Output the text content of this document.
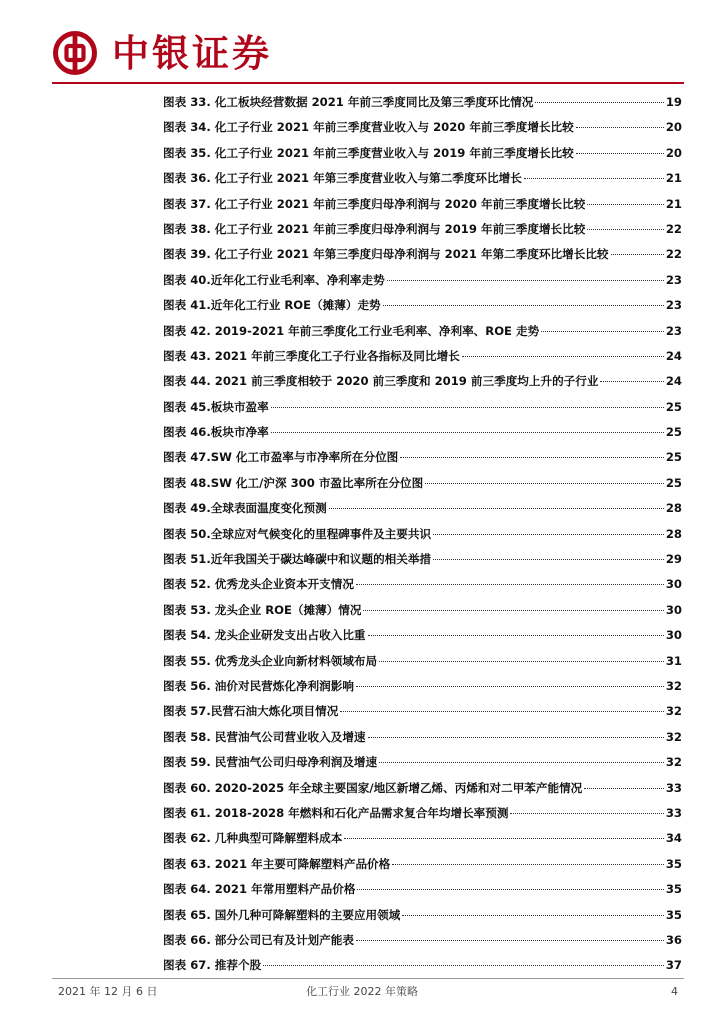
中银证券
图表 33. 化工板块经营数据 2021 年前三季度同比及第三季度环比情况	19
图表 34. 化工子行业 2021 年前三季度营业收入与 2020 年前三季度增长比较	20
图表 35. 化工子行业 2021 年前三季度营业收入与 2019 年前三季度增长比较	20
图表 36. 化工子行业 2021 年第三季度营业收入与第二季度环比增长	21
图表 37. 化工子行业 2021 年前三季度归母净利润与 2020 年前三季度增长比较	21
图表 38. 化工子行业 2021 年前三季度归母净利润与 2019 年前三季度增长比较	22
图表 39. 化工子行业 2021 年第三季度归母净利润与 2021 年第二季度环比增长比较	22
图表 40.近年化工行业毛利率、净利率走势	23
图表 41.近年化工行业 ROE（摊薄）走势	23
图表 42. 2019-2021 年前三季度化工行业毛利率、净利率、ROE 走势	23
图表 43. 2021 年前三季度化工子行业各指标及同比增长	24
图表 44. 2021 前三季度相较于 2020 前三季度和 2019 前三季度均上升的子行业	24
图表 45.板块市盈率	25
图表 46.板块市净率	25
图表 47.SW 化工市盈率与市净率所在分位图	25
图表 48.SW 化工/沪深 300 市盈比率所在分位图	25
图表 49.全球表面温度变化预测	28
图表 50.全球应对气候变化的里程碑事件及主要共识	28
图表 51.近年我国关于碳达峰碳中和议题的相关举措	29
图表 52. 优秀龙头企业资本开支情况	30
图表 53. 龙头企业 ROE（摊薄）情况	30
图表 54. 龙头企业研发支出占收入比重	30
图表 55. 优秀龙头企业向新材料领域布局	31
图表 56. 油价对民营炼化净利润影响	32
图表 57.民营石油大炼化项目情况	32
图表 58. 民营油气公司营业收入及增速	32
图表 59. 民营油气公司归母净利润及增速	32
图表 60. 2020-2025 年全球主要国家/地区新增乙烯、丙烯和对二甲苯产能情况	33
图表 61. 2018-2028 年燃料和石化产品需求复合年均增长率预测	33
图表 62. 几种典型可降解塑料成本	34
图表 63. 2021 年主要可降解塑料产品价格	35
图表 64. 2021 年常用塑料产品价格	35
图表 65. 国外几种可降解塑料的主要应用领域	35
图表 66. 部分公司已有及计划产能表	36
图表 67. 推荐个股	37
2021 年 12 月 6 日	化工行业 2022 年策略	4
